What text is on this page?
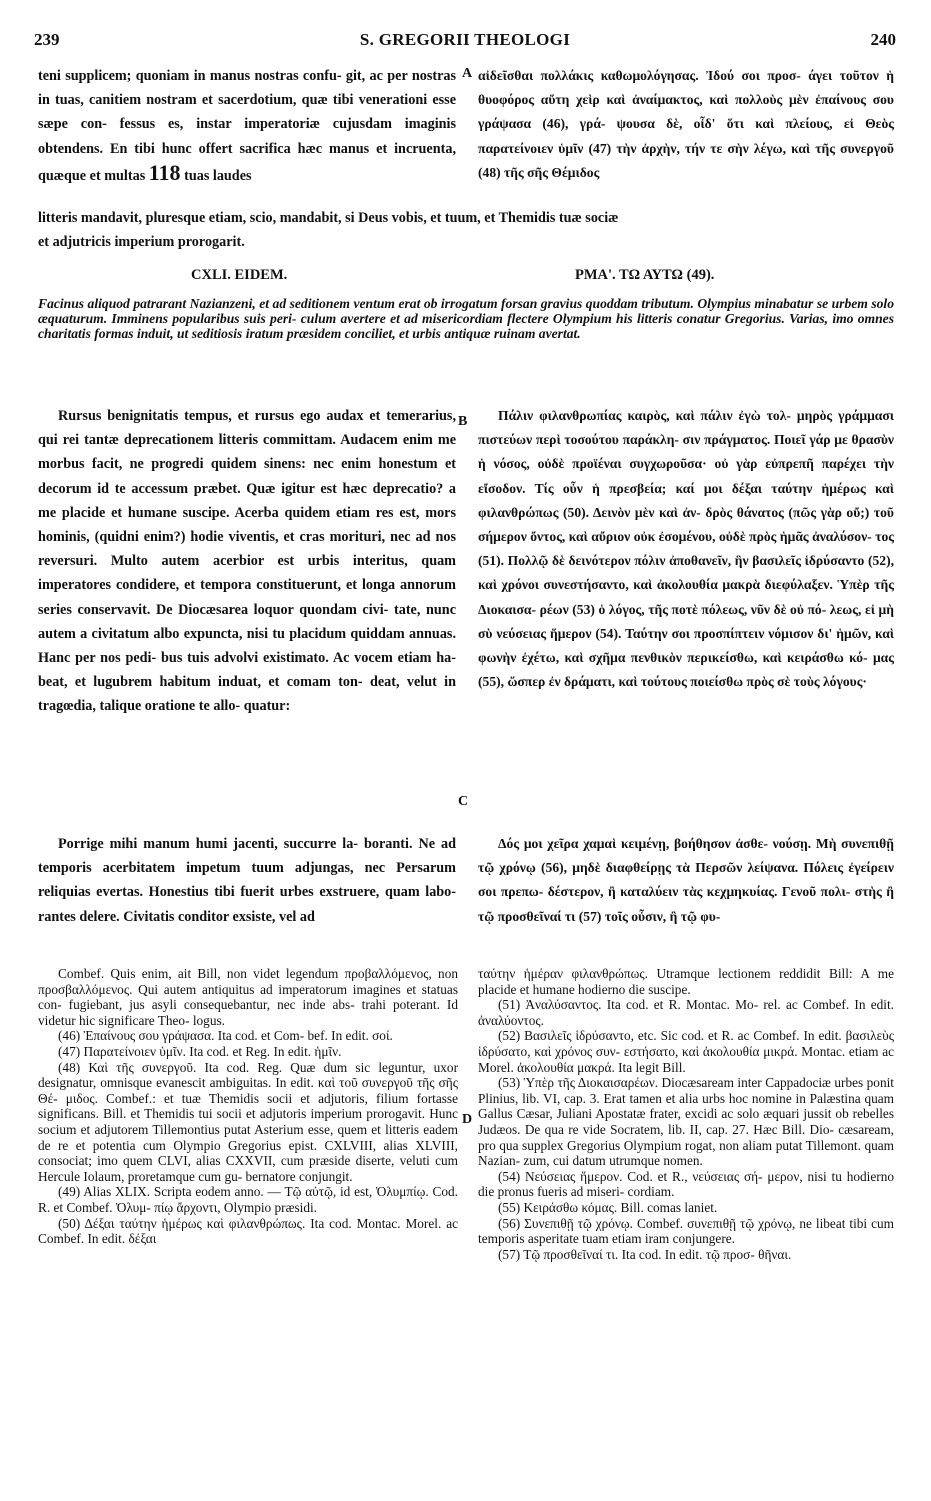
239	S. GREGORII THEOLOGI	240
teni supplicem; quoniam in manus nostras confu- git, ac per nostras in tuas, canitiem nostram et sacerdotium, quæ tibi venerationi esse sæpe con- fessus es, instar imperatoriæ cujusdam imaginis obtendens. En tibi hunc offert sacrifica hæc manus et incruenta, quæque et multas 118 tuas laudes
A αἰδεῖσθαι πολλάκις καθωμολόγησας. Ἰδού σοι προσ- άγει τοῦτον ἡ θυοφόρος αὕτη χεὶρ καὶ ἀναίμακτος, καὶ πολλοὺς μὲν ἐπαίνους σου γράψασα (46), γρά- ψουσα δὲ, οἶδ' ὅτι καὶ πλείους, εἰ Θεὸς παρατείνοιεν ὑμῖν (47) τὴν ἀρχὴν, τήν τε σὴν λέγω, καὶ τῆς συνεργοῦ (48) τῆς σῆς Θέμιδος
litteris mandavit, pluresque etiam, scio, mandabit, si Deus vobis, et tuum, et Themidis tuæ sociæ
et adjutricis imperium prorogarit.
CXLI. EIDEM.	ΡΜΑ'. ΤΩ ΑΥΤΩ (49).
Facinus aliquod patrarant Nazianzeni, et ad seditionem ventum erat ob irrogatum forsan gravius quoddam tributum. Olympius minabatur se urbem solo æquaturum. Imminens popularibus suis peri- culum avertere et ad misericordiam flectere Olympium his litteris conatur Gregorius. Varias, imo omnes charitatis formas induit, ut seditiosis iratum præsidem conciliet, et urbis antiquæ ruinam avertat.
Rursus benignitatis tempus, et rursus ego audax et temerarius, qui rei tantæ deprecationem litteris committam. Audacem enim me morbus facit, ne progredi quidem sinens: nec enim honestum et decorum id te accessum præbet. Quæ igitur est hæc deprecatio? a me placide et humane suscipe. Acerba quidem etiam res est, mors hominis, (quidni enim?) hodie viventis, et cras morituri, nec ad nos reversuri. Multo autem acerbior est urbis interitus, quam imperatores condidere, et tempora constituerunt, et longa annorum series conservavit. De Diocæsarea loquor quondam civi- tate, nunc autem a civitatum albo expuncta, nisi tu placidum quiddam annuas. Hanc per nos pedi- bus tuis advolvi existimato. Ac vocem etiam ha- beat, et lugubrem habitum induat, et comam ton- deat, velut in tragœdia, talique oratione te allo- quatur:
B
C
Porrige mihi manum humi jacenti, succurre la- boranti. Ne ad temporis acerbitatem impetum tuum adjungas, nec Persarum reliquias evertas. Honestius tibi fuerit urbes exstruere, quam labo- rantes delere. Civitatis conditor exsiste, vel ad
Πάλιν φιλανθρωπίας καιρὸς, καὶ πάλιν ἐγὼ τολ- μηρὸς γράμμασι πιστεύων περὶ τοσούτου παράκλη- σιν πράγματος. Ποιεῖ γάρ με θρασὺν ἡ νόσος, οὐδὲ προϊέναι συγχωροῦσα· οὐ γὰρ εὐπρεπῆ παρέχει τὴν εἴσοδον. Τίς οὖν ἡ πρεσβεία; καί μοι δέξαι ταύτην ἡμέρως καὶ φιλανθρώπως (50). Δεινὸν μὲν καὶ ἀν- δρὸς θάνατος (πῶς γὰρ οὔ;) τοῦ σήμερον ὄντος, καὶ αὔριον οὐκ ἐσομένου, οὐδὲ πρὸς ἡμᾶς ἀναλύσον- τος (51). Πολλῷ δὲ δεινότερον πόλιν ἀποθανεῖν, ἣν βασιλεῖς ἱδρύσαντο (52), καὶ χρόνοι συνεστήσαντο, καὶ ἀκολουθία μακρὰ διεφύλαξεν. Ὑπὲρ τῆς Διοκαισα- ρέων (53) ὁ λόγος, τῆς ποτὲ πόλεως, νῦν δὲ οὐ πό- λεως, εἰ μὴ σὺ νεύσειας ἥμερον (54). Ταύτην σοι προσπίπτειν νόμισον δι' ἡμῶν, καὶ φωνὴν ἐχέτω, καὶ σχῆμα πενθικὸν περικείσθω, καὶ κειράσθω κό- μας (55), ὥσπερ ἐν δράματι, καὶ τούτους ποιείσθω πρὸς σὲ τοὺς λόγους·
Δός μοι χεῖρα χαμαὶ κειμένῃ, βοήθησον ἀσθε- νούσῃ. Μὴ συνεπιθῇ τῷ χρόνῳ (56), μηδὲ διαφθείρῃς τὰ Περσῶν λείψανα. Πόλεις ἐγείρειν σοι πρεπω- δέστερον, ἢ καταλύειν τὰς κεχμηκυίας. Γενοῦ πολι- στὴς ἢ τῷ προσθεῖναί τι (57) τοῖς οὖσιν, ἢ τῷ φυ-

Combef. Quis enim, ait Bill, non videt legendum προβαλλόμενος, non προσβαλλόμενος. Qui autem antiquitus ad imperatorum imagines et statuas con- fugiebant, jus asyli consequebantur, nec inde abs- trahi poterant. Id videtur hic significare Theo- logus.

(46) Ἐπαίνους σου γράψασα. Ita cod. et Com- bef. In edit. σοί.

(47) Παρατείνοιεν ὑμῖν. Ita cod. et Reg. In edit. ἡμῖν.

(48) Καὶ τῆς συνεργοῦ. Ita cod. Reg. Quæ dum sic leguntur, uxor designatur, omnisque evanescit ambiguitas. In edit. καὶ τοῦ συνεργοῦ τῆς σῆς Θέ- μιδος. Combef.: et tuæ Themidis socii et adjutoris, filium fortasse significans. Bill. et Themidis tui socii et adjutoris imperium prorogavit. Hunc socium et adjutorem Tillemontius putat Asterium esse, quem et litteris eadem de re et potentia cum Olympio Gregorius epist. CXLVIII, alias XLVIII, consociat; imo quem CLVI, alias CXXVII, cum præside diserte, veluti cum Hercule Iolaum, proretamque cum gu- bernatore conjungit.

(49) Alias XLIX. Scripta eodem anno. — Τῷ αὐτῷ, id est, Ὀλυμπίῳ. Cod. R. et Combef. Ὀλυμ- πίῳ ἄρχοντι, Olympio præsidi.

(50) Δέξαι ταύτην ἡμέρως καὶ φιλανθρώπως. Ita cod. Montac. Morel. ac Combef. In edit. δέξαι

D

ταύτην ἡμέραν φιλανθρώπως. Utramque lectionem reddidit Bill: A me placide et humane hodierno die suscipe.

(51) Ἀναλύσαντος. Ita cod. et R. Montac. Mo- rel. ac Combef. In edit. ἀναλύοντος.

(52) Βασιλεῖς ἱδρύσαντο, etc. Sic cod. et R. ac Combef. In edit. βασιλεὺς ἱδρύσατο, καὶ χρόνος συν- εστήσατο, καὶ ἀκολουθία μικρά. Montac. etiam ac Morel. ἀκολουθία μακρά. Ita legit Bill.

(53) Ὑπὲρ τῆς Διοκαισαρέων. Diocæsaream inter Cappadociæ urbes ponit Plinius, lib. VI, cap. 3. Erat tamen et alia urbs hoc nomine in Palæstina quam Gallus Cæsar, Juliani Apostatæ frater, excidi ac solo æquari jussit ob rebelles Judæos. De qua re vide Socratem, lib. II, cap. 27. Hæc Bill. Dio- cæsaream, pro qua supplex Gregorius Olympium rogat, non aliam putat Tillemont. quam Nazian- zum, cui datum utrumque nomen.

(54) Νεύσειας ἥμερον. Cod. et R., νεύσειας σή- μερον, nisi tu hodierno die pronus fueris ad miseri- cordiam.

(55) Κειράσθω κόμας. Bill. comas laniet.

(56) Συνεπιθῇ τῷ χρόνῳ. Combef. συνεπιθῇ τῷ χρόνῳ, ne libeat tibi cum temporis asperitate tuam etiam iram conjungere.

(57) Τῷ προσθεῖναί τι. Ita cod. In edit. τῷ προσ- θῆναι.
